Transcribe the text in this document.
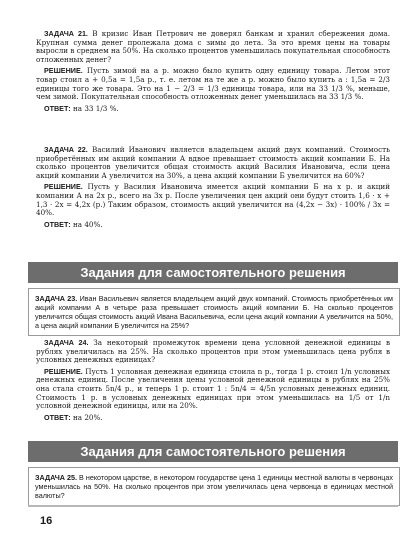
ЗАДАЧА 21. В кризис Иван Петрович не доверял банкам и хранил сбережения дома. Крупная сумма денег пролежала дома с зимы до лета. За это время цены на товары выросли в среднем на 50%. На сколько процентов уменьшилась покупательная способность отложенных денег?

РЕШЕНИЕ. Пусть зимой на a р. можно было купить одну единицу товара. Летом этот товар стоил a + 0,5a = 1,5a р., т. е. летом на те же a р. можно было купить a : 1,5a = 2/3 единицы того же товара. Это на 1 − 2/3 = 1/3 единицы товара, или на 33 1/3 %, меньше, чем зимой. Покупательная способность отложенных денег уменьшилась на 33 1/3 %.

ОТВЕТ: на 33 1/3 %.

ЗАДАЧА 22. Василий Иванович является владельцем акций двух компаний. Стоимость приобретённых им акций компании А вдвое превышает стоимость акций компании Б. На сколько процентов увеличится общая стоимость акций Василия Ивановича, если цена акций компании А увеличится на 30%, а цена акций компании Б увеличится на 60%?

РЕШЕНИЕ. Пусть у Василия Ивановича имеется акций компании Б на x р. и акций компании А на 2x р., всего на 3x р. После увеличения цен акций они будут стоить 1,6 · x + 1,3 · 2x = 4,2x (р.) Таким образом, стоимость акций увеличится на (4,2x − 3x) · 100% / 3x = 40%.

ОТВЕТ: на 40%.

Задания для самостоятельного решения
ЗАДАЧА 23. Иван Васильевич является владельцем акций двух компаний. Стоимость приобретённых им акций компании А в четыре раза превышает стоимость акций компании Б. На сколько процентов увеличится общая стоимость акций Ивана Васильевича, если цена акций компании А увеличится на 50%, а цена акций компании Б увеличится на 25%?

ЗАДАЧА 24. За некоторый промежуток времени цена условной денежной единицы в рублях увеличилась на 25%. На сколько процентов при этом уменьшилась цена рубля в условных денежных единицах?

РЕШЕНИЕ. Пусть 1 условная денежная единица стоила n р., тогда 1 р. стоил 1/n условных денежных единиц. После увеличения цены условной денежной единицы в рублях на 25% она стала стоить 5n/4 р., и теперь 1 р. стоит 1 : 5n/4 = 4/5n условных денежных единиц. Стоимость 1 р. в условных денежных единицах при этом уменьшилась на 1/5 от 1/n условной денежной единицы, или на 20%.

ОТВЕТ: на 20%.

Задания для самостоятельного решения
ЗАДАЧА 25. В некотором царстве, в некотором государстве цена 1 единицы местной валюты в червонцах уменьшилась на 50%. На сколько процентов при этом увеличилась цена червонца в единицах местной валюты?
16
